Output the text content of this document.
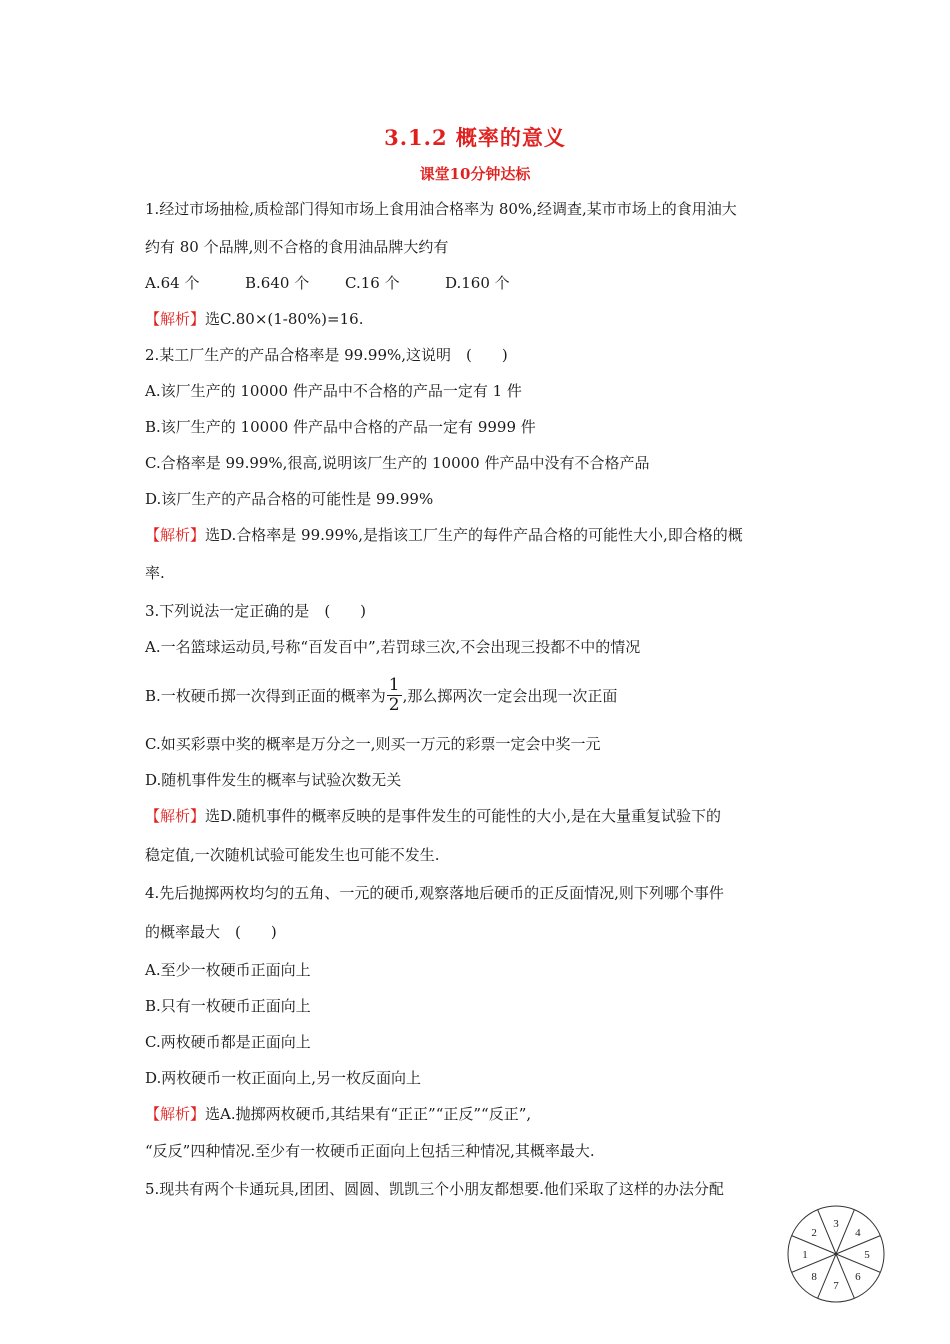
3.1.2 概率的意义
课堂10分钟达标
1.经过市场抽检,质检部门得知市场上食用油合格率为 80%,经调查,某市市场上的食用油大
约有 80 个品牌,则不合格的食用油品牌大约有
A.64 个	B.640 个 C.16 个	D.160 个
【解析】选C.80×(1-80%)=16.
2.某工厂生产的产品合格率是 99.99%,这说明　(　　)
A.该厂生产的 10000 件产品中不合格的产品一定有 1 件
B.该厂生产的 10000 件产品中合格的产品一定有 9999 件
C.合格率是 99.99%,很高,说明该厂生产的 10000 件产品中没有不合格产品
D.该厂生产的产品合格的可能性是 99.99%
【解析】选D.合格率是 99.99%,是指该工厂生产的每件产品合格的可能性大小,即合格的概
率.
3.下列说法一定正确的是　(　　)
A.一名篮球运动员,号称“百发百中”,若罚球三次,不会出现三投都不中的情况
B.一枚硬币掷一次得到正面的概率为 $\frac{1}{2}$ ,那么掷两次一定会出现一次正面
C.如买彩票中奖的概率是万分之一,则买一万元的彩票一定会中奖一元
D.随机事件发生的概率与试验次数无关
【解析】选D.随机事件的概率反映的是事件发生的可能性的大小,是在大量重复试验下的
稳定值,一次随机试验可能发生也可能不发生.
4.先后抛掷两枚均匀的五角、一元的硬币,观察落地后硬币的正反面情况,则下列哪个事件
的概率最大　(　　)
A.至少一枚硬币正面向上
B.只有一枚硬币正面向上
C.两枚硬币都是正面向上
D.两枚硬币一枚正面向上,另一枚反面向上
【解析】选A.抛掷两枚硬币,其结果有“正正”“正反”“反正”,
“反反”四种情况.至少有一枚硬币正面向上包括三种情况,其概率最大.
5.现共有两个卡通玩具,团团、圆圆、凯凯三个小朋友都想要.他们采取了这样的办法分配
1
2
3
4
5
6
7
8
